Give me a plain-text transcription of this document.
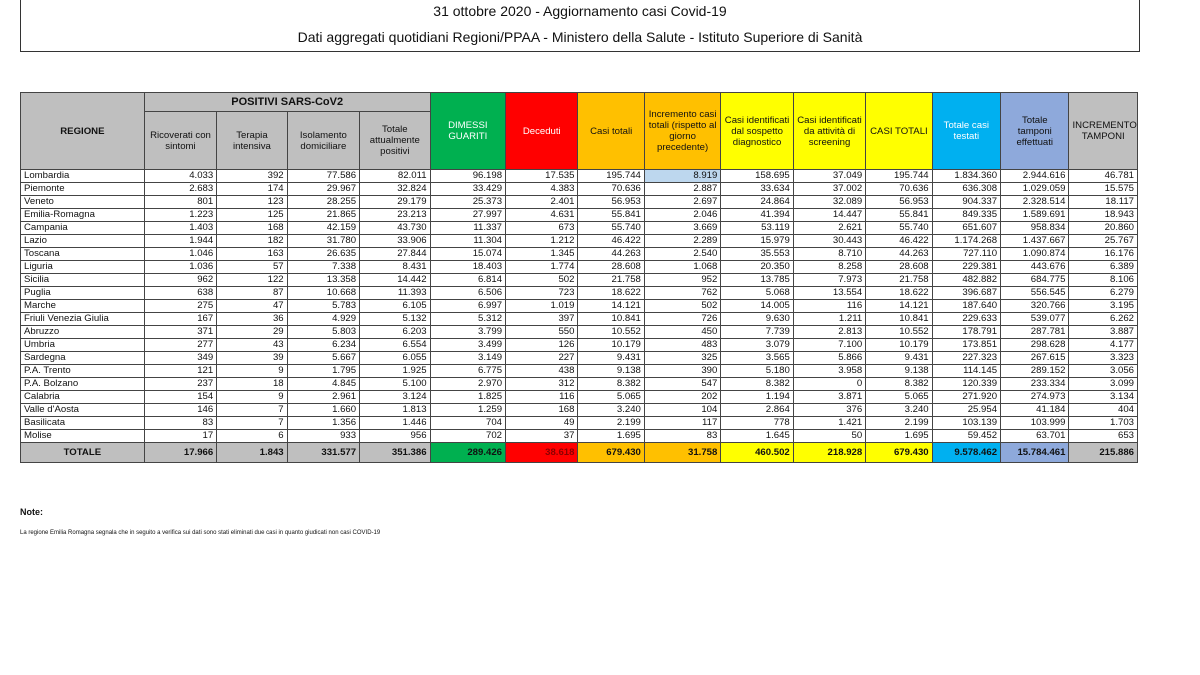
31 ottobre 2020 - Aggiornamento casi Covid-19
Dati aggregati quotidiani Regioni/PPAA - Ministero della Salute - Istituto Superiore di Sanità
REGIONE	POSITIVI SARS-CoV2				DIMESSI GUARITI	Deceduti	Casi totali	Incremento casi totali (rispetto al giorno precedente)	Casi identificati dal sospetto diagnostico	Casi identificati da attività di screening	CASI TOTALI	Totale casi testati	Totale tamponi effettuati	INCREMENTO TAMPONI
	Ricoverati con sintomi	Terapia intensiva	Isolamento domiciliare	Totale attualmente positivi										
Lombardia	4.033	392	77.586	82.011	96.198	17.535	195.744	8.919	158.695	37.049	195.744	1.834.360	2.944.616	46.781
Piemonte	2.683	174	29.967	32.824	33.429	4.383	70.636	2.887	33.634	37.002	70.636	636.308	1.029.059	15.575
Veneto	801	123	28.255	29.179	25.373	2.401	56.953	2.697	24.864	32.089	56.953	904.337	2.328.514	18.117
Emilia-Romagna	1.223	125	21.865	23.213	27.997	4.631	55.841	2.046	41.394	14.447	55.841	849.335	1.589.691	18.943
Campania	1.403	168	42.159	43.730	11.337	673	55.740	3.669	53.119	2.621	55.740	651.607	958.834	20.860
Lazio	1.944	182	31.780	33.906	11.304	1.212	46.422	2.289	15.979	30.443	46.422	1.174.268	1.437.667	25.767
Toscana	1.046	163	26.635	27.844	15.074	1.345	44.263	2.540	35.553	8.710	44.263	727.110	1.090.874	16.176
Liguria	1.036	57	7.338	8.431	18.403	1.774	28.608	1.068	20.350	8.258	28.608	229.381	443.676	6.389
Sicilia	962	122	13.358	14.442	6.814	502	21.758	952	13.785	7.973	21.758	482.882	684.775	8.106
Puglia	638	87	10.668	11.393	6.506	723	18.622	762	5.068	13.554	18.622	396.687	556.545	6.279
Marche	275	47	5.783	6.105	6.997	1.019	14.121	502	14.005	116	14.121	187.640	320.766	3.195
Friuli Venezia Giulia	167	36	4.929	5.132	5.312	397	10.841	726	9.630	1.211	10.841	229.633	539.077	6.262
Abruzzo	371	29	5.803	6.203	3.799	550	10.552	450	7.739	2.813	10.552	178.791	287.781	3.887
Umbria	277	43	6.234	6.554	3.499	126	10.179	483	3.079	7.100	10.179	173.851	298.628	4.177
Sardegna	349	39	5.667	6.055	3.149	227	9.431	325	3.565	5.866	9.431	227.323	267.615	3.323
P.A. Trento	121	9	1.795	1.925	6.775	438	9.138	390	5.180	3.958	9.138	114.145	289.152	3.056
P.A. Bolzano	237	18	4.845	5.100	2.970	312	8.382	547	8.382	0	8.382	120.339	233.334	3.099
Calabria	154	9	2.961	3.124	1.825	116	5.065	202	1.194	3.871	5.065	271.920	274.973	3.134
Valle d'Aosta	146	7	1.660	1.813	1.259	168	3.240	104	2.864	376	3.240	25.954	41.184	404
Basilicata	83	7	1.356	1.446	704	49	2.199	117	778	1.421	2.199	103.139	103.999	1.703
Molise	17	6	933	956	702	37	1.695	83	1.645	50	1.695	59.452	63.701	653
TOTALE	17.966	1.843	331.577	351.386	289.426	38.618	679.430	31.758	460.502	218.928	679.430	9.578.462	15.784.461	215.886
Note:
La regione Emilia Romagna segnala che in seguito a verifica sui dati sono stati eliminati due casi in quanto giudicati non casi COVID-19
